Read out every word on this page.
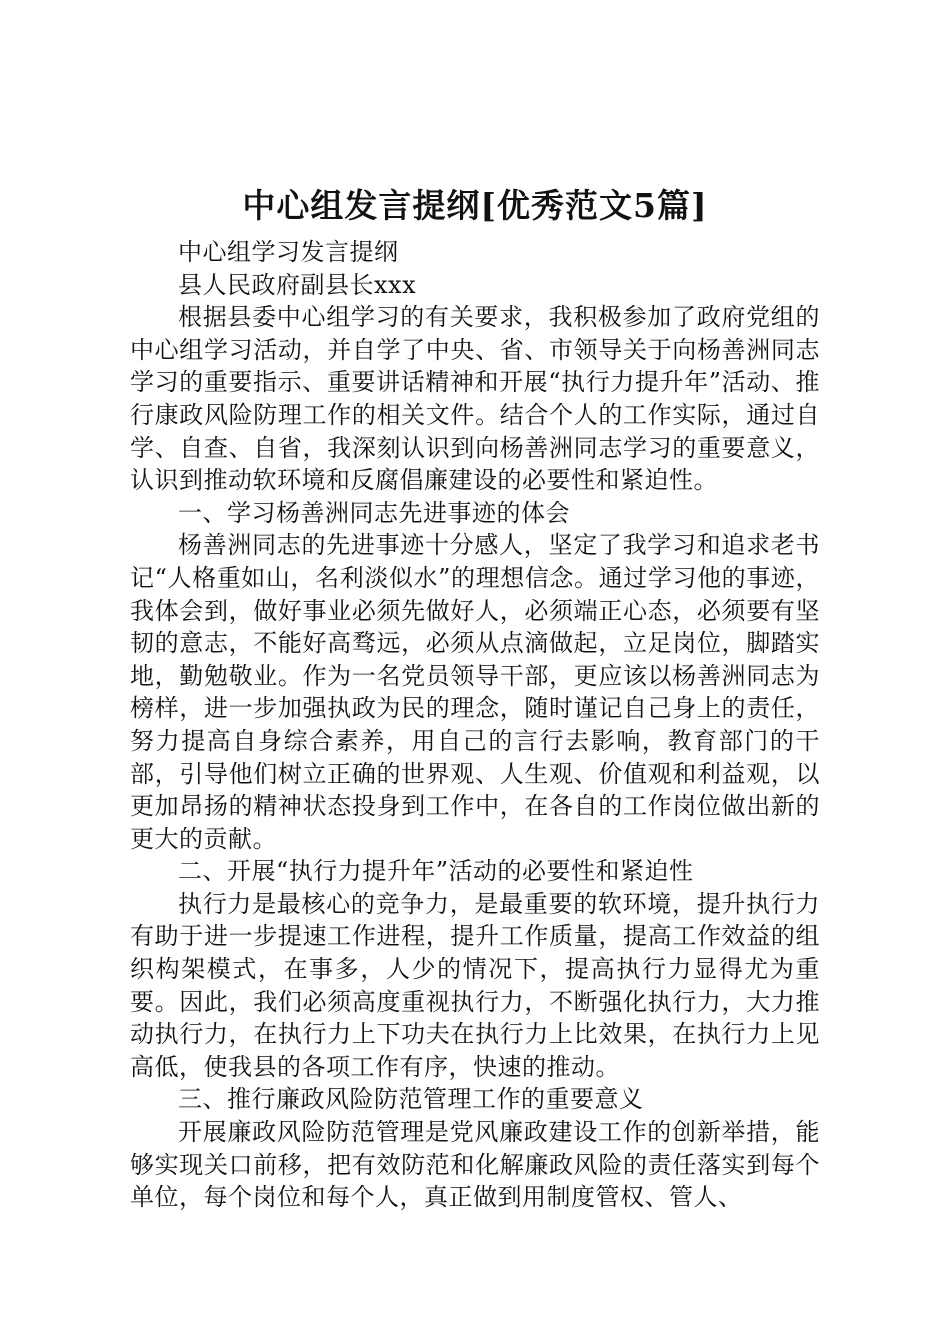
中心组发言提纲[优秀范文5篇]

中心组学习发言提纲

县人民政府副县长xxx

根据县委中心组学习的有关要求，我积极参加了政府党组的中心组学习活动，并自学了中央、省、市领导关于向杨善洲同志学习的重要指示、重要讲话精神和开展“执行力提升年”活动、推行康政风险防理工作的相关文件。结合个人的工作实际，通过自学、自查、自省，我深刻认识到向杨善洲同志学习的重要意义，认识到推动软环境和反腐倡廉建设的必要性和紧迫性。

一、学习杨善洲同志先进事迹的体会

杨善洲同志的先进事迹十分感人，坚定了我学习和追求老书记“人格重如山，名利淡似水”的理想信念。通过学习他的事迹，我体会到，做好事业必须先做好人，必须端正心态，必须要有坚韧的意志，不能好高骛远，必须从点滴做起，立足岗位，脚踏实地，勤勉敬业。作为一名党员领导干部，更应该以杨善洲同志为榜样，进一步加强执政为民的理念，随时谨记自己身上的责任，努力提高自身综合素养，用自己的言行去影响，教育部门的干部，引导他们树立正确的世界观、人生观、价值观和利益观，以更加昂扬的精神状态投身到工作中，在各自的工作岗位做出新的更大的贡献。

二、开展“执行力提升年”活动的必要性和紧迫性

执行力是最核心的竞争力，是最重要的软环境，提升执行力有助于进一步提速工作进程，提升工作质量，提高工作效益的组织构架模式，在事多，人少的情况下，提高执行力显得尤为重要。因此，我们必须高度重视执行力，不断强化执行力，大力推动执行力，在执行力上下功夫在执行力上比效果，在执行力上见高低，使我县的各项工作有序，快速的推动。

三、推行廉政风险防范管理工作的重要意义

开展廉政风险防范管理是党风廉政建设工作的创新举措，能够实现关口前移，把有效防范和化解廉政风险的责任落实到每个单位，每个岗位和每个人，真正做到用制度管权、管人、
